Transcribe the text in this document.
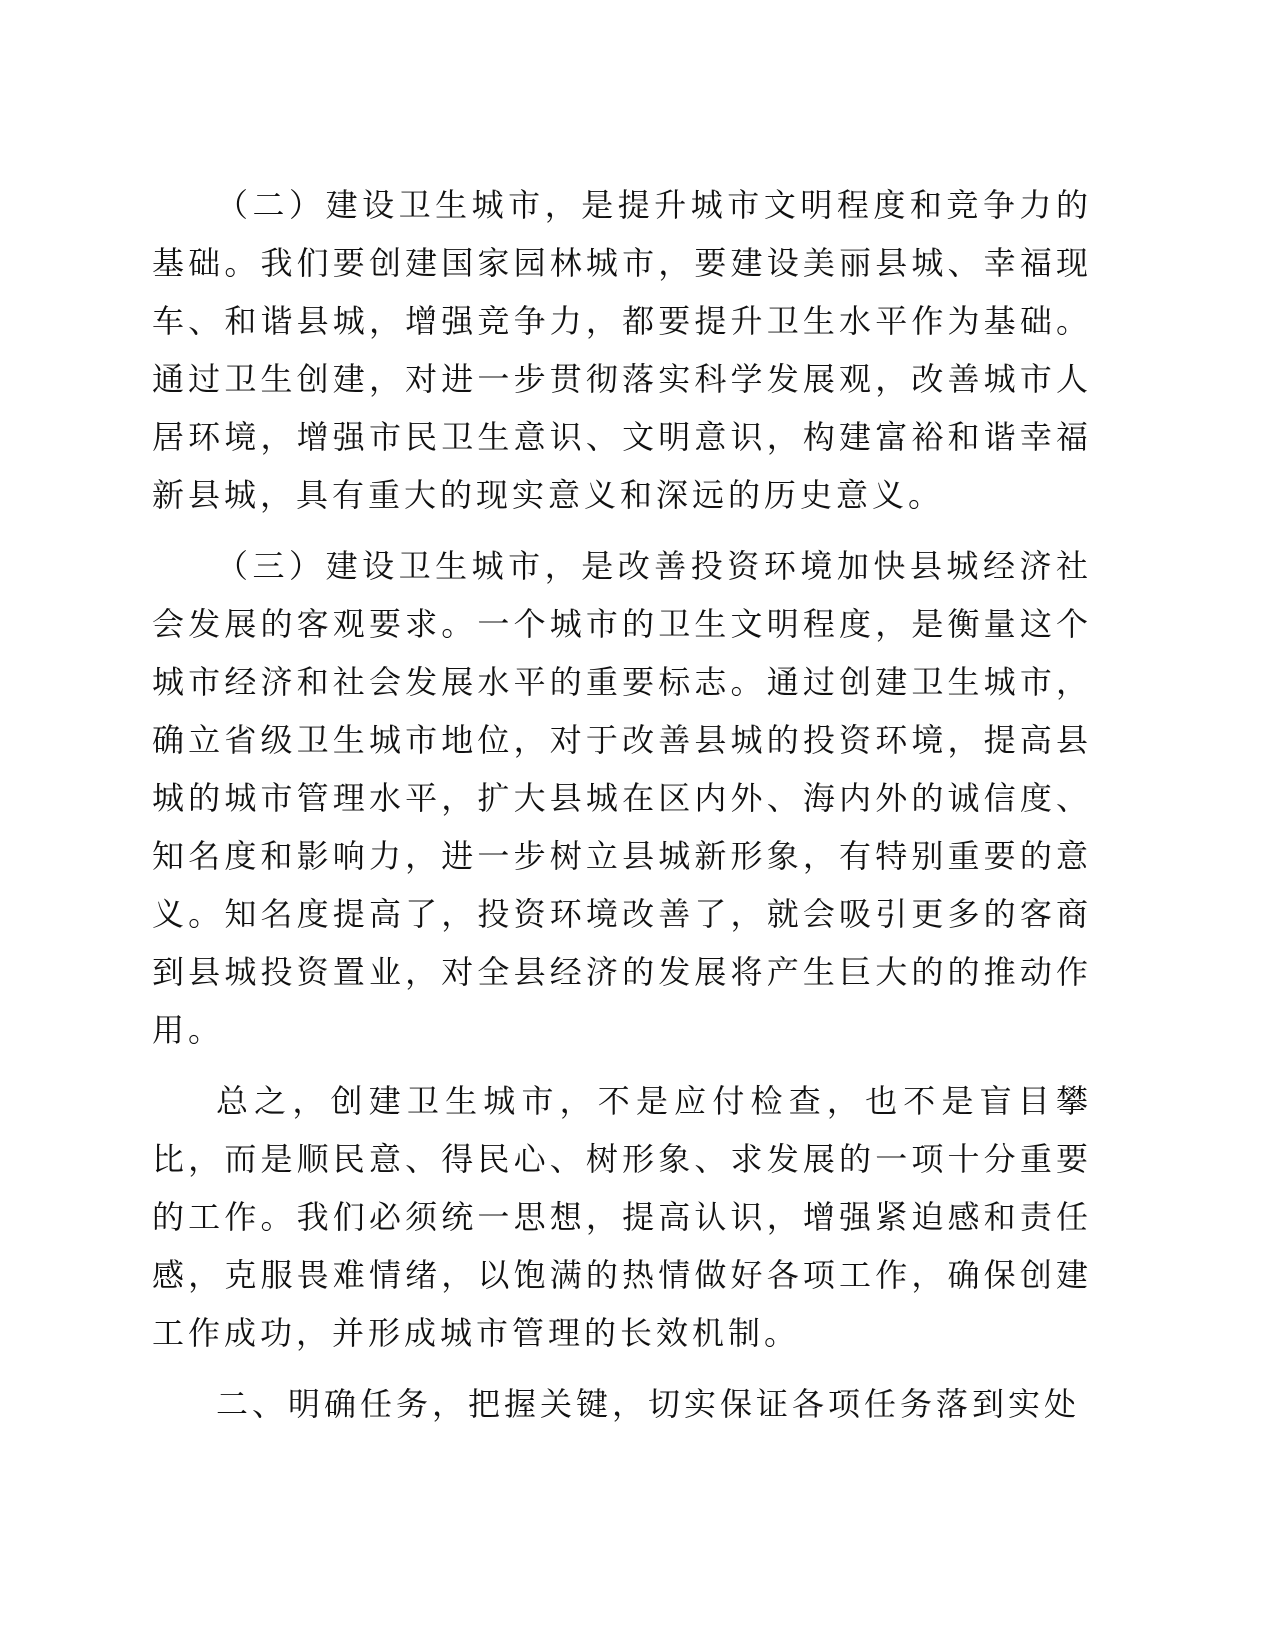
（二）建设卫生城市，是提升城市文明程度和竞争力的基础。我们要创建国家园林城市，要建设美丽县城、幸福现车、和谐县城，增强竞争力，都要提升卫生水平作为基础。通过卫生创建，对进一步贯彻落实科学发展观，改善城市人居环境，增强市民卫生意识、文明意识，构建富裕和谐幸福新县城，具有重大的现实意义和深远的历史意义。

（三）建设卫生城市，是改善投资环境加快县城经济社会发展的客观要求。一个城市的卫生文明程度，是衡量这个城市经济和社会发展水平的重要标志。通过创建卫生城市，确立省级卫生城市地位，对于改善县城的投资环境，提高县城的城市管理水平，扩大县城在区内外、海内外的诚信度、知名度和影响力，进一步树立县城新形象，有特别重要的意义。知名度提高了，投资环境改善了，就会吸引更多的客商到县城投资置业，对全县经济的发展将产生巨大的的推动作用。

总之，创建卫生城市，不是应付检查，也不是盲目攀比，而是顺民意、得民心、树形象、求发展的一项十分重要的工作。我们必须统一思想，提高认识，增强紧迫感和责任感，克服畏难情绪，以饱满的热情做好各项工作，确保创建工作成功，并形成城市管理的长效机制。

二、明确任务，把握关键，切实保证各项任务落到实处
